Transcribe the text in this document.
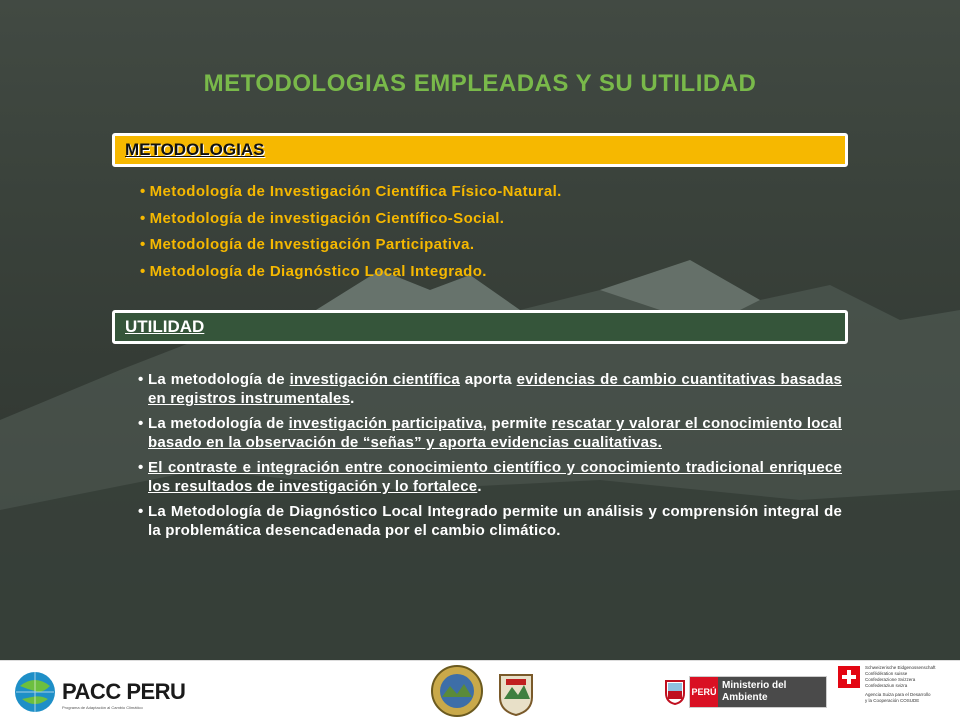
METODOLOGIAS EMPLEADAS Y SU UTILIDAD
METODOLOGIAS
• Metodología de Investigación Científica Físico-Natural.
• Metodología de investigación Científico-Social.
• Metodología de Investigación Participativa.
• Metodología de Diagnóstico Local Integrado.
UTILIDAD
• La metodología de investigación científica aporta evidencias de cambio cuantitativas basadas en registros instrumentales.
• La metodología de investigación participativa, permite rescatar y valorar el conocimiento local basado en la observación de “señas” y aporta evidencias cualitativas.
• El contraste e integración entre conocimiento científico y conocimiento tradicional enriquece los resultados de investigación y lo fortalece.
• La Metodología de Diagnóstico Local Integrado permite un análisis y comprensión integral de la problemática desencadenada por el cambio climático.
PACC PERU
Programa de Adaptación al Cambio Climático
PERÚ
Ministerio del Ambiente
Schweizerische Eidgenossenschaft
Confédération suisse
Confederazione Svizzera
Confederaziun svizra
Agencia Suiza para el Desarrollo
y la Cooperación COSUDE
